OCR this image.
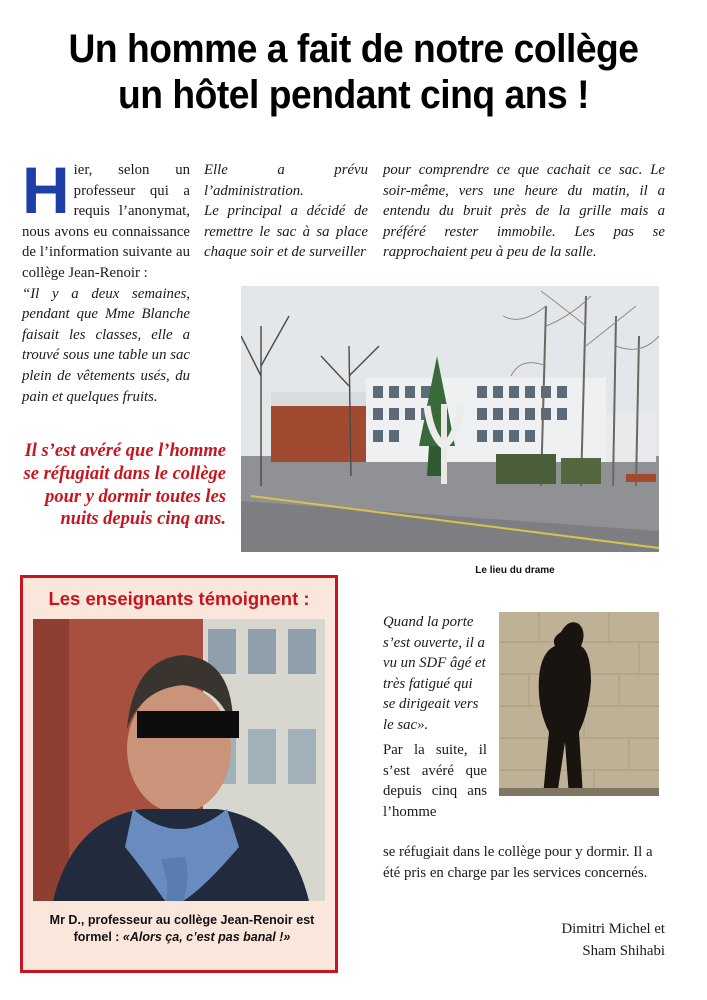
Un homme a fait de notre collège
un hôtel pendant cinq ans !
H ier, selon un professeur qui a requis l’anonymat, nous avons eu connaissance de l’information suivante au collège Jean-Renoir :
“Il y a deux semaines, pendant que Mme Blanche faisait les classes, elle a trouvé sous une table un sac plein de vêtements usés, du pain et quelques fruits.

Elle a prévu l’administration.

Le principal a décidé de remettre le sac à sa place chaque soir et de surveiller

pour comprendre ce que cachait ce sac. Le soir-même, vers une heure du matin, il a entendu du bruit près de la grille mais a préféré rester immobile. Les pas se rapprochaient peu à peu de la salle.

Il s’est avéré que l’homme se réfugiait dans le collège pour y dormir toutes les nuits depuis cinq ans.
Le lieu du drame
Les enseignants témoignent :
Mr D., professeur au collège Jean-Renoir est formel : «Alors ça, c’est pas banal !»

Quand la porte s’est ouverte, il a vu un SDF âgé et très fatigué qui se dirigeait vers le sac».

Par la suite, il s’est avéré que depuis cinq ans l’homme

se réfugiait dans le collège pour y dormir. Il a été pris en charge par les services concernés.

Dimitri Michel et
Sham Shihabi
